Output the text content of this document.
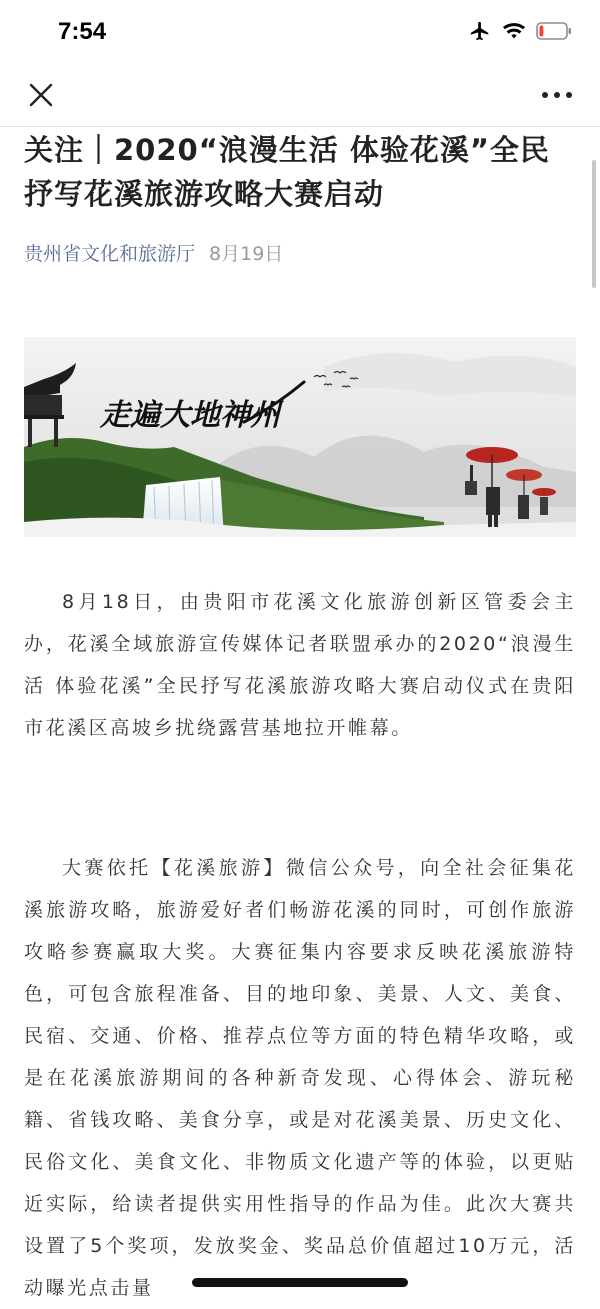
7:54
关注｜2020“浪漫生活 体验花溪”全民抒写花溪旅游攻略大赛启动
贵州省文化和旅游厅 8月19日
走遍大地神州

8月18日，由贵阳市花溪文化旅游创新区管委会主办，花溪全域旅游宣传媒体记者联盟承办的2020“浪漫生活 体验花溪”全民抒写花溪旅游攻略大赛启动仪式在贵阳市花溪区高坡乡扰绕露营基地拉开帷幕。

大赛依托【花溪旅游】微信公众号，向全社会征集花溪旅游攻略，旅游爱好者们畅游花溪的同时，可创作旅游攻略参赛赢取大奖。大赛征集内容要求反映花溪旅游特色，可包含旅程准备、目的地印象、美景、人文、美食、民宿、交通、价格、推荐点位等方面的特色精华攻略，或是在花溪旅游期间的各种新奇发现、心得体会、游玩秘籍、省钱攻略、美食分享，或是对花溪美景、历史文化、民俗文化、美食文化、非物质文化遗产等的体验，以更贴近实际，给读者提供实用性指导的作品为佳。此次大赛共设置了5个奖项，发放奖金、奖品总价值超过10万元，活动曝光点击量
